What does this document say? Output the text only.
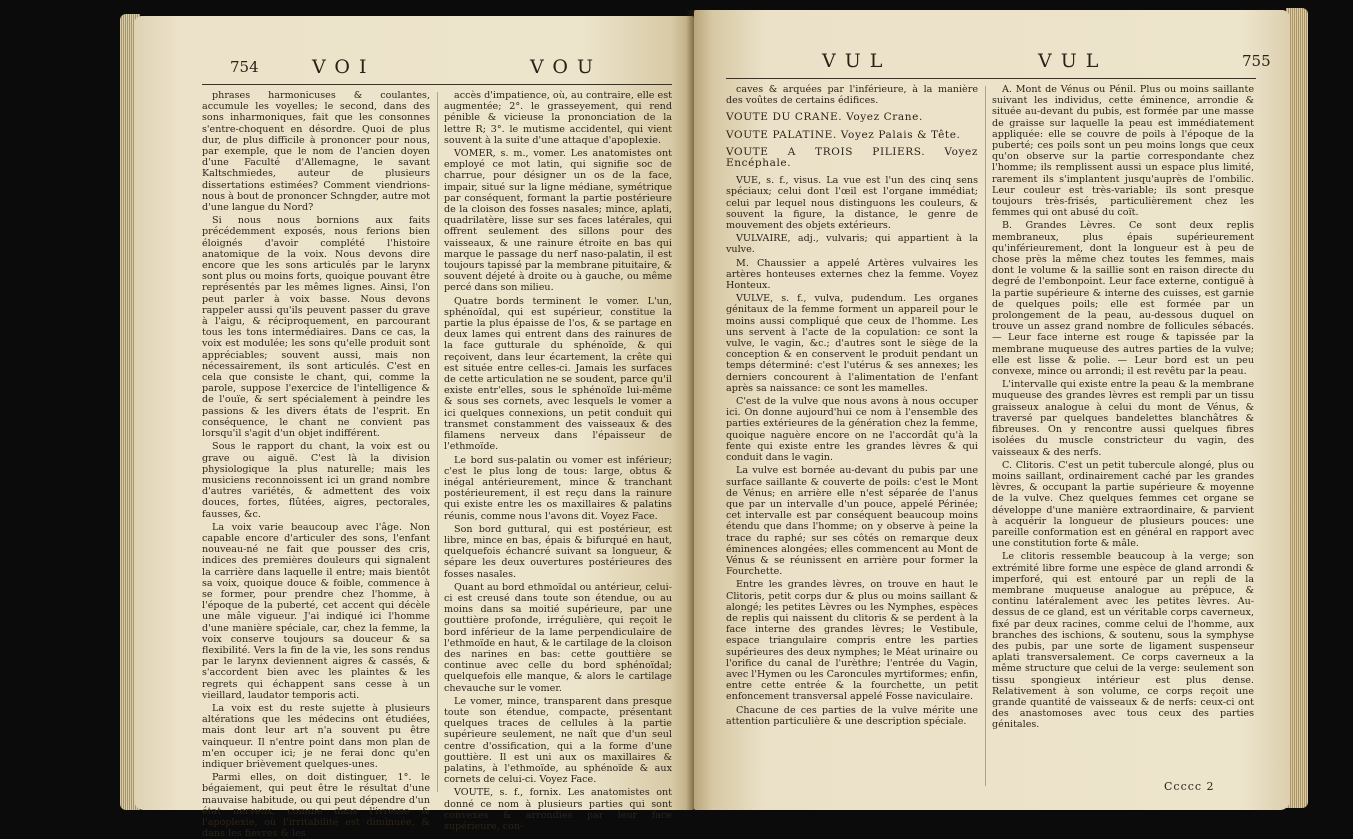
754	VOI	VOU

phrases harmonicuses & coulantes, accumule les voyelles; le second, dans des sons inharmoniques, fait que les consonnes s'entre-choquent en désordre. Quoi de plus dur, de plus difficile à prononcer pour nous, par exemple, que le nom de l'ancien doyen d'une Faculté d'Allemagne, le savant Kaltschmiedes, auteur de plusieurs dissertations estimées? Comment viendrions-nous à bout de prononcer Schngder, autre mot d'une langue du Nord?

Si nous nous bornions aux faits précédemment exposés, nous ferions bien éloignés d'avoir complété l'histoire anatomique de la voix. Nous devons dire encore que les sons articulés par le larynx sont plus ou moins forts, quoique pouvant être représentés par les mêmes lignes. Ainsi, l'on peut parler à voix basse. Nous devons rappeler aussi qu'ils peuvent passer du grave à l'aigu, & réciproquement, en parcourant tous les tons intermédiaires. Dans ce cas, la voix est modulée; les sons qu'elle produit sont appréciables; souvent aussi, mais non nécessairement, ils sont articulés. C'est en cela que consiste le chant, qui, comme la parole, suppose l'exercice de l'intelligence & de l'ouïe, & sert spécialement à peindre les passions & les divers états de l'esprit. En conséquence, le chant ne convient pas lorsqu'il s'agit d'un objet indifférent.

Sous le rapport du chant, la voix est ou grave ou aiguë. C'est là la division physiologique la plus naturelle; mais les musiciens reconnoissent ici un grand nombre d'autres variétés, & admettent des voix douces, fortes, flûtées, aigres, pectorales, fausses, &c.

La voix varie beaucoup avec l'âge. Non capable encore d'articuler des sons, l'enfant nouveau-né ne fait que pousser des cris, indices des premières douleurs qui signalent la carrière dans laquelle il entre; mais bientôt sa voix, quoique douce & foible, commence à se former, pour prendre chez l'homme, à l'époque de la puberté, cet accent qui décèle une mâle vigueur. J'ai indiqué ici l'homme d'une manière spéciale, car, chez la femme, la voix conserve toujours sa douceur & sa flexibilité. Vers la fin de la vie, les sons rendus par le larynx deviennent aigres & cassés, & s'accordent bien avec les plaintes & les regrets qui échappent sans cesse à un vieillard, laudator temporis acti.

La voix est du reste sujette à plusieurs altérations que les médecins ont étudiées, mais dont leur art n'a souvent pu être vainqueur. Il n'entre point dans mon plan de m'en occuper ici; je ne ferai donc qu'en indiquer brièvement quelques-unes.

Parmi elles, on doit distinguer, 1°. le bégaiement, qui peut être le résultat d'une mauvaise habitude, ou qui peut dépendre d'un état nerveux, comme dans l'ivresse & l'apoplexie, où l'irritabilité est diminuée, & dans les fièvres & les

accès d'impatience, où, au contraire, elle est augmentée; 2°. le grasseyement, qui rend pénible & vicieuse la prononciation de la lettre R; 3°. le mutisme accidentel, qui vient souvent à la suite d'une attaque d'apoplexie.

VOMER, s. m., vomer. Les anatomistes ont employé ce mot latin, qui signifie soc de charrue, pour désigner un os de la face, impair, situé sur la ligne médiane, symétrique par conséquent, formant la partie postérieure de la cloison des fosses nasales; mince, aplati, quadrilatère, lisse sur ses faces latérales, qui offrent seulement des sillons pour des vaisseaux, & une rainure étroite en bas qui marque le passage du nerf naso-palatin, il est toujours tapissé par la membrane pituitaire, & souvent déjeté à droite ou à gauche, ou même percé dans son milieu.

Quatre bords terminent le vomer. L'un, sphénoïdal, qui est supérieur, constitue la partie la plus épaisse de l'os, & se partage en deux lames qui entrent dans des rainures de la face gutturale du sphénoïde, & qui reçoivent, dans leur écartement, la crête qui est située entre celles-ci. Jamais les surfaces de cette articulation ne se soudent, parce qu'il existe entr'elles, sous le sphénoïde lui-même & sous ses cornets, avec lesquels le vomer a ici quelques connexions, un petit conduit qui transmet constamment des vaisseaux & des filamens nerveux dans l'épaisseur de l'ethmoïde.

Le bord sus-palatin ou vomer est inférieur; c'est le plus long de tous: large, obtus & inégal antérieurement, mince & tranchant postérieurement, il est reçu dans la rainure qui existe entre les os maxillaires & palatins réunis, comme nous l'avons dit. Voyez Face.

Son bord guttural, qui est postérieur, est libre, mince en bas, épais & bifurqué en haut, quelquefois échancré suivant sa longueur, & sépare les deux ouvertures postérieures des fosses nasales.

Quant au bord ethmoïdal ou antérieur, celui-ci est creusé dans toute son étendue, ou au moins dans sa moitié supérieure, par une gouttière profonde, irrégulière, qui reçoit le bord inférieur de la lame perpendiculaire de l'ethmoïde en haut, & le cartilage de la cloison des narines en bas: cette gouttière se continue avec celle du bord sphénoïdal; quelquefois elle manque, & alors le cartilage chevauche sur le vomer.

Le vomer, mince, transparent dans presque toute son étendue, compacte, présentant quelques traces de cellules à la partie supérieure seulement, ne naît que d'un seul centre d'ossification, qui a la forme d'une gouttière. Il est uni aux os maxillaires & palatins, à l'ethmoïde, au sphénoïde & aux cornets de celui-ci. Voyez Face.

VOUTE, s. f., fornix. Les anatomistes ont donné ce nom à plusieurs parties qui sont convexes & arrondies par leur face supérieure, con-

VUL	VUL	755

caves & arquées par l'inférieure, à la manière des voûtes de certains édifices.

VOUTE DU CRANE. Voyez Crane.

VOUTE PALATINE. Voyez Palais & Tête.

VOUTE A TROIS PILIERS. Voyez Encéphale.

VUE, s. f., visus. La vue est l'un des cinq sens spéciaux; celui dont l'œil est l'organe immédiat; celui par lequel nous distinguons les couleurs, & souvent la figure, la distance, le genre de mouvement des objets extérieurs.

VULVAIRE, adj., vulvaris; qui appartient à la vulve.

M. Chaussier a appelé Artères vulvaires les artères honteuses externes chez la femme. Voyez Honteux.

VULVE, s. f., vulva, pudendum. Les organes génitaux de la femme forment un appareil pour le moins aussi compliqué que ceux de l'homme. Les uns servent à l'acte de la copulation: ce sont la vulve, le vagin, &c.; d'autres sont le siège de la conception & en conservent le produit pendant un temps déterminé: c'est l'utérus & ses annexes; les derniers concourent à l'alimentation de l'enfant après sa naissance: ce sont les mamelles.

C'est de la vulve que nous avons à nous occuper ici. On donne aujourd'hui ce nom à l'ensemble des parties extérieures de la génération chez la femme, quoique naguère encore on ne l'accordât qu'à la fente qui existe entre les grandes lèvres & qui conduit dans le vagin.

La vulve est bornée au-devant du pubis par une surface saillante & couverte de poils: c'est le Mont de Vénus; en arrière elle n'est séparée de l'anus que par un intervalle d'un pouce, appelé Périnée; cet intervalle est par conséquent beaucoup moins étendu que dans l'homme; on y observe à peine la trace du raphé; sur ses côtés on remarque deux éminences alongées; elles commencent au Mont de Vénus & se réunissent en arrière pour former la Fourchette.

Entre les grandes lèvres, on trouve en haut le Clitoris, petit corps dur & plus ou moins saillant & alongé; les petites Lèvres ou les Nymphes, espèces de replis qui naissent du clitoris & se perdent à la face interne des grandes lèvres; le Vestibule, espace triangulaire compris entre les parties supérieures des deux nymphes; le Méat urinaire ou l'orifice du canal de l'urèthre; l'entrée du Vagin, avec l'Hymen ou les Caroncules myrtiformes; enfin, entre cette entrée & la fourchette, un petit enfoncement transversal appelé Fosse naviculaire.

Chacune de ces parties de la vulve mérite une attention particulière & une description spéciale.

A. Mont de Vénus ou Pénil. Plus ou moins saillante suivant les individus, cette éminence, arrondie & située au-devant du pubis, est formée par une masse de graisse sur laquelle la peau est immédiatement appliquée: elle se couvre de poils à l'époque de la puberté; ces poils sont un peu moins longs que ceux qu'on observe sur la partie correspondante chez l'homme; ils remplissent aussi un espace plus limité, rarement ils s'implantent jusqu'auprès de l'ombilic. Leur couleur est très-variable; ils sont presque toujours très-frisés, particulièrement chez les femmes qui ont abusé du coït.

B. Grandes Lèvres. Ce sont deux replis membraneux, plus épais supérieurement qu'inférieurement, dont la longueur est à peu de chose près la même chez toutes les femmes, mais dont le volume & la saillie sont en raison directe du degré de l'embonpoint. Leur face externe, contiguë à la partie supérieure & interne des cuisses, est garnie de quelques poils; elle est formée par un prolongement de la peau, au-dessous duquel on trouve un assez grand nombre de follicules sébacés. — Leur face interne est rouge & tapissée par la membrane muqueuse des autres parties de la vulve; elle est lisse & polie. — Leur bord est un peu convexe, mince ou arrondi; il est revêtu par la peau.

L'intervalle qui existe entre la peau & la membrane muqueuse des grandes lèvres est rempli par un tissu graisseux analogue à celui du mont de Vénus, & traversé par quelques bandelettes blanchâtres & fibreuses. On y rencontre aussi quelques fibres isolées du muscle constricteur du vagin, des vaisseaux & des nerfs.

C. Clitoris. C'est un petit tubercule alongé, plus ou moins saillant, ordinairement caché par les grandes lèvres, & occupant la partie supérieure & moyenne de la vulve. Chez quelques femmes cet organe se développe d'une manière extraordinaire, & parvient à acquérir la longueur de plusieurs pouces: une pareille conformation est en général en rapport avec une constitution forte & mâle.

Le clitoris ressemble beaucoup à la verge; son extrémité libre forme une espèce de gland arrondi & imperforé, qui est entouré par un repli de la membrane muqueuse analogue au prépuce, & continu latéralement avec les petites lèvres. Au-dessus de ce gland, est un véritable corps caverneux, fixé par deux racines, comme celui de l'homme, aux branches des ischions, & soutenu, sous la symphyse des pubis, par une sorte de ligament suspenseur aplati transversalement. Ce corps caverneux a la même structure que celui de la verge: seulement son tissu spongieux intérieur est plus dense. Relativement à son volume, ce corps reçoit une grande quantité de vaisseaux & de nerfs: ceux-ci ont des anastomoses avec tous ceux des parties génitales.

Ccccc 2
